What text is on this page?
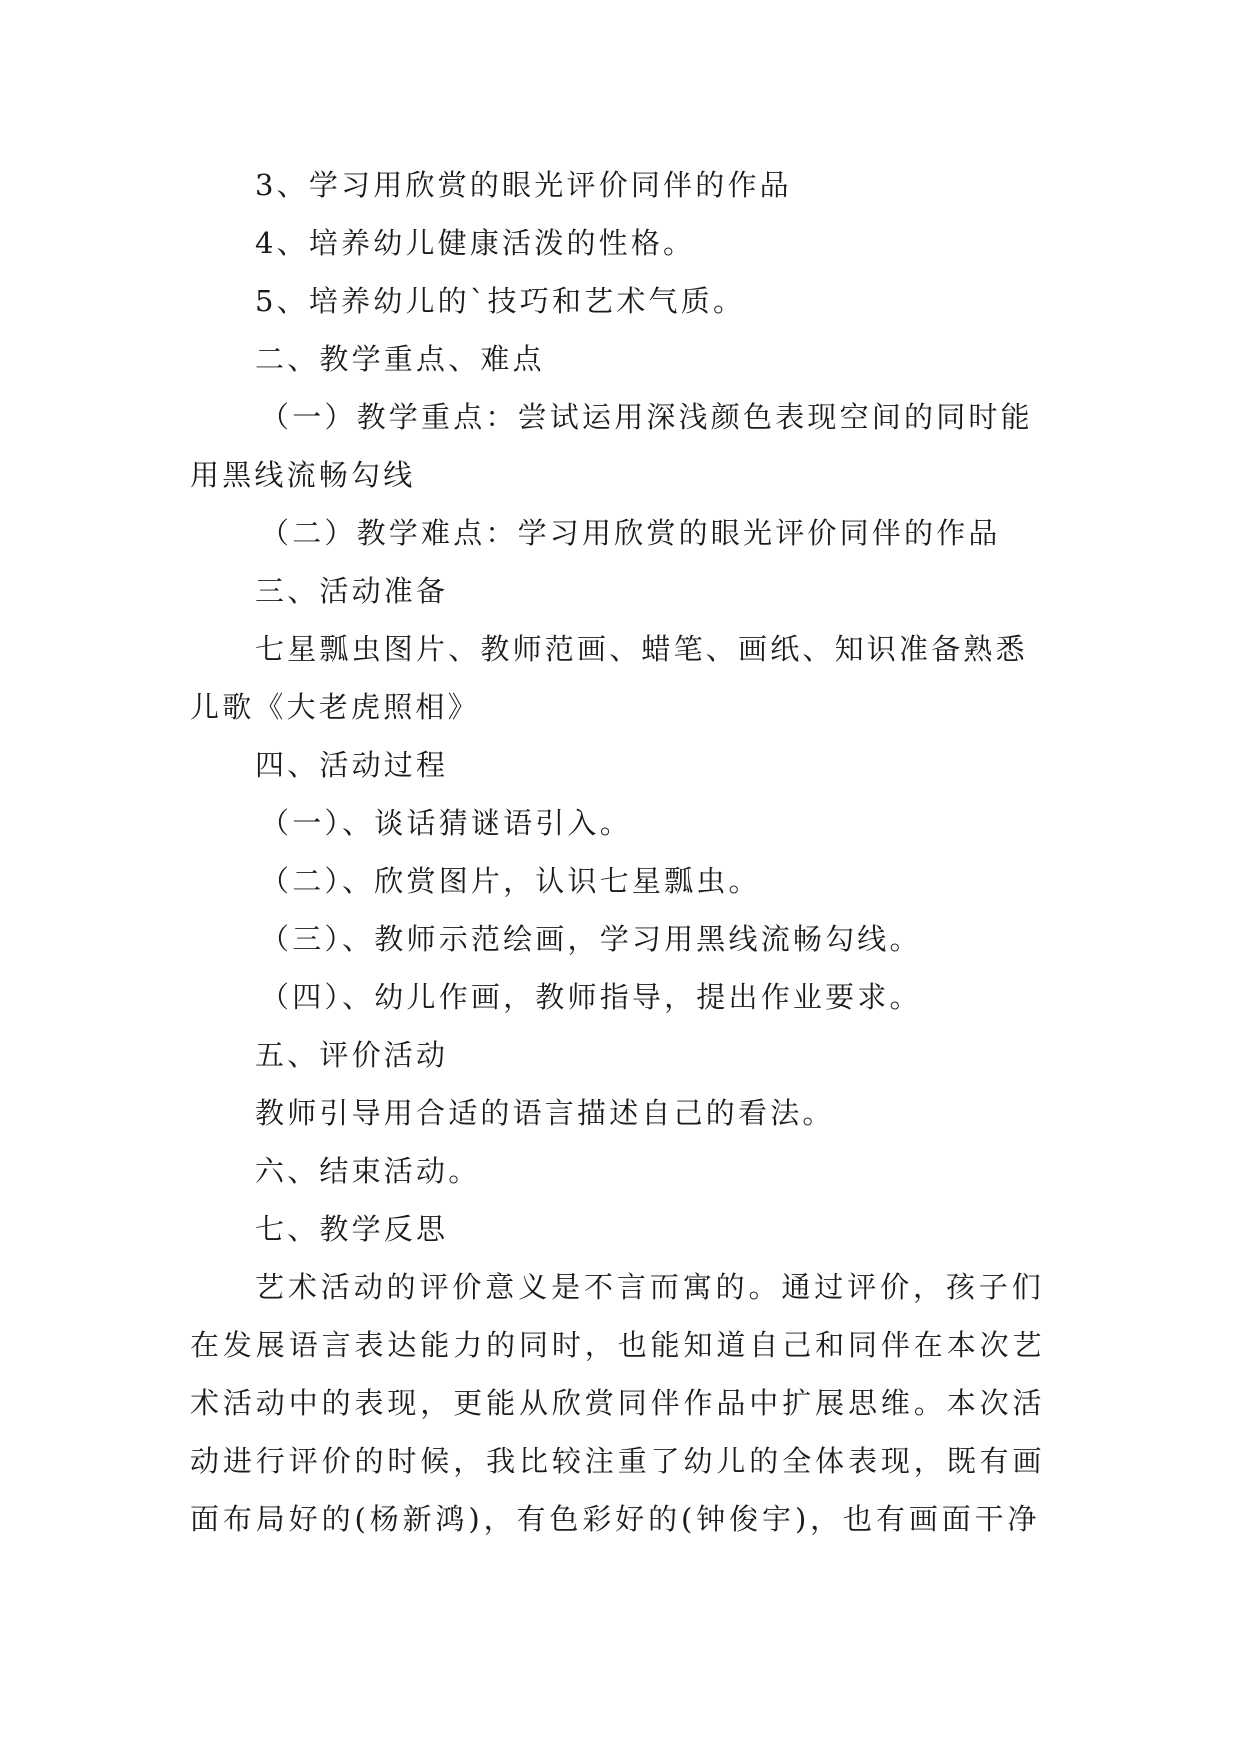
3、学习用欣赏的眼光评价同伴的作品
4、培养幼儿健康活泼的性格。
5、培养幼儿的`技巧和艺术气质。
二、教学重点、难点
（一）教学重点：尝试运用深浅颜色表现空间的同时能
用黑线流畅勾线
（二）教学难点：学习用欣赏的眼光评价同伴的作品
三、活动准备
七星瓢虫图片、教师范画、蜡笔、画纸、知识准备熟悉
儿歌《大老虎照相》
四、活动过程
（一）、谈话猜谜语引入。
（二）、欣赏图片，认识七星瓢虫。
（三）、教师示范绘画，学习用黑线流畅勾线。
（四）、幼儿作画，教师指导，提出作业要求。
五、评价活动
教师引导用合适的语言描述自己的看法。
六、结束活动。
七、教学反思
艺术活动的评价意义是不言而寓的。通过评价，孩子们
在发展语言表达能力的同时，也能知道自己和同伴在本次艺
术活动中的表现，更能从欣赏同伴作品中扩展思维。本次活
动进行评价的时候，我比较注重了幼儿的全体表现，既有画
面布局好的(杨新鸿)，有色彩好的(钟俊宇)，也有画面干净
